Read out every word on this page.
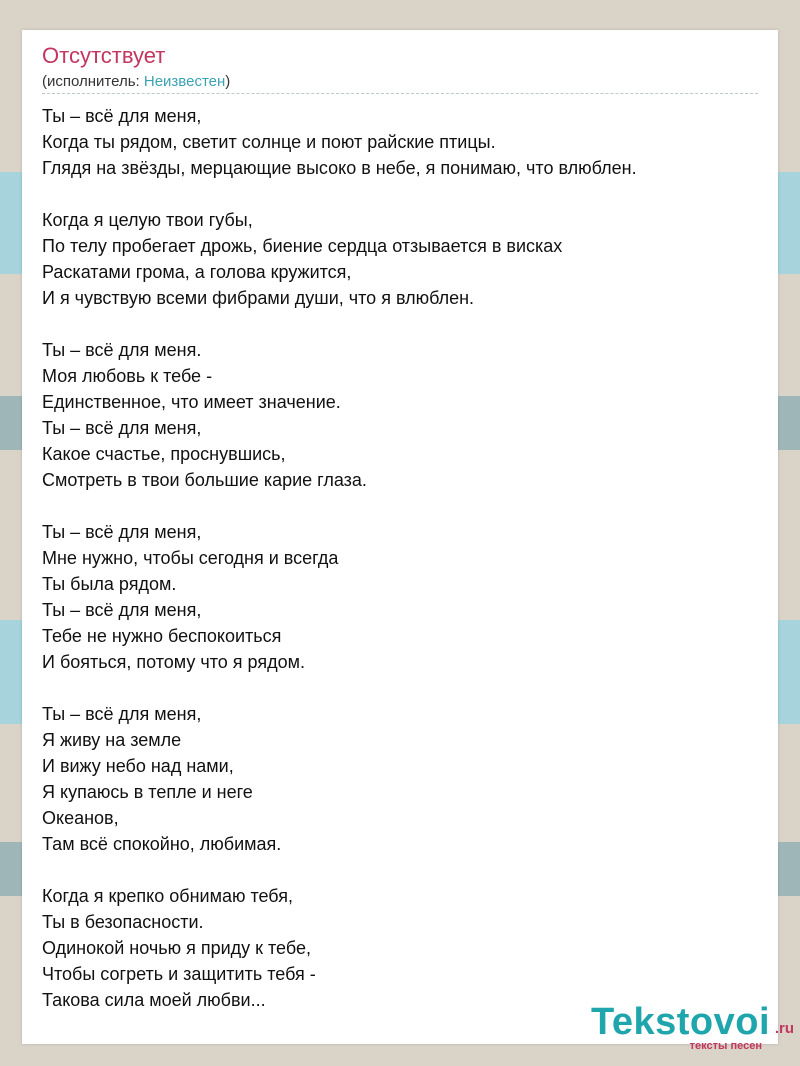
Отсутствует
(исполнитель: Неизвестен)
Ты – всё для меня,
Когда ты рядом, светит солнце и поют райские птицы.
Глядя на звёзды, мерцающие высоко в небе, я понимаю, что влюблен.
Когда я целую твои губы,
По телу пробегает дрожь, биение сердца отзывается в висках
Раскатами грома, а голова кружится,
И я чувствую всеми фибрами души, что я влюблен.
Ты – всё для меня.
Моя любовь к тебе -
Единственное, что имеет значение.
Ты – всё для меня,
Какое счастье, проснувшись,
Смотреть в твои большие карие глаза.
Ты – всё для меня,
Мне нужно, чтобы сегодня и всегда
Ты была рядом.
Ты – всё для меня,
Тебе не нужно беспокоиться
И бояться, потому что я рядом.
Ты – всё для меня,
Я живу на земле
И вижу небо над нами,
Я купаюсь в тепле и неге
Океанов,
Там всё спокойно, любимая.
Когда я крепко обнимаю тебя,
Ты в безопасности.
Одинокой ночью я приду к тебе,
Чтобы согреть и защитить тебя -
Такова сила моей любви...
Tekstovoi .ru
тексты песен
